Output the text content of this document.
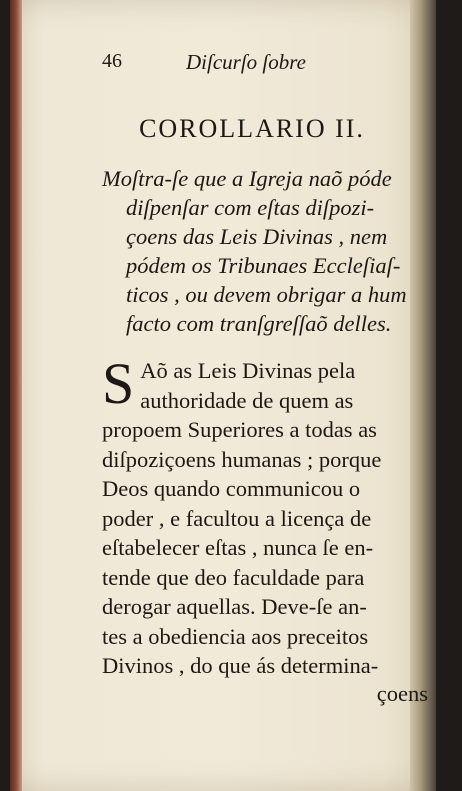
46	Diſcurſo ſobre
COROLLARIO II.
Moſtra-ſe que a Igreja naõ póde
diſpenſar com eſtas diſpozi-
çoens das Leis Divinas , nem
pódem os Tribunaes Eccleſiaſ-
ticos , ou devem obrigar a hum
facto com tranſgreſſaõ delles.
S Aõ as Leis Divinas pela
authoridade de quem as
propoem Superiores a todas as
diſpoziçoens humanas ; porque
Deos quando communicou o
poder , e facultou a licença de
eſtabelecer eſtas , nunca ſe en-
tende que deo faculdade para
derogar aquellas. Deve-ſe an-
tes a obediencia aos preceitos
Divinos , do que ás determina-
çoens
